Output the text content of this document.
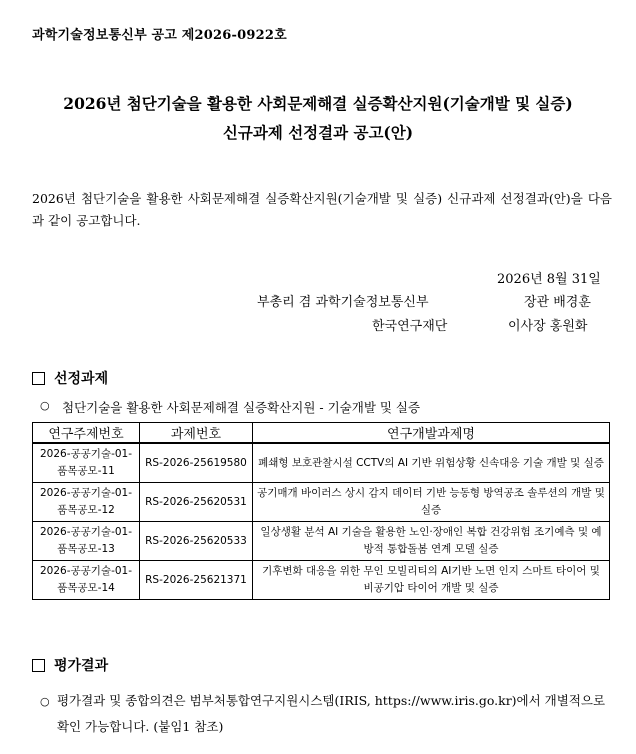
과학기술정보통신부 공고 제2026-0922호
2026년 첨단기술을 활용한 사회문제해결 실증확산지원(기술개발 및 실증)
신규과제 선정결과 공고(안)
2026년 첨단기술을 활용한 사회문제해결 실증확산지원(기술개발 및 실증) 신규과제 선정결과(안)을 다음과 같이 공고합니다.
2026년 8월 31일
부총리 겸 과학기술정보통신부	장관 배경훈
한국연구재단	이사장 홍원화
선정과제
○ 첨단기술을 활용한 사회문제해결 실증확산지원 - 기술개발 및 실증
연구주제번호	과제번호	연구개발과제명
2026-공공기술-01-품목공모-11	RS-2026-25619580	폐쇄형 보호관찰시설 CCTV의 AI 기반 위험상황 신속대응 기술 개발 및 실증
2026-공공기술-01-품목공모-12	RS-2026-25620531	공기매개 바이러스 상시 감지 데이터 기반 능동형 방역공조 솔루션의 개발 및 실증
2026-공공기술-01-품목공모-13	RS-2026-25620533	일상생활 분석 AI 기술을 활용한 노인·장애인 복합 건강위험 조기예측 및 예방적 통합돌봄 연계 모델 실증
2026-공공기술-01-품목공모-14	RS-2026-25621371	기후변화 대응을 위한 무인 모빌리티의 AI기반 노면 인지 스마트 타이어 및 비공기압 타이어 개발 및 실증
평가결과
○ 평가결과 및 종합의견은 범부처통합연구지원시스템(IRIS, https://www.iris.go.kr)에서 개별적으로 확인 가능합니다. (붙임1 참조)
